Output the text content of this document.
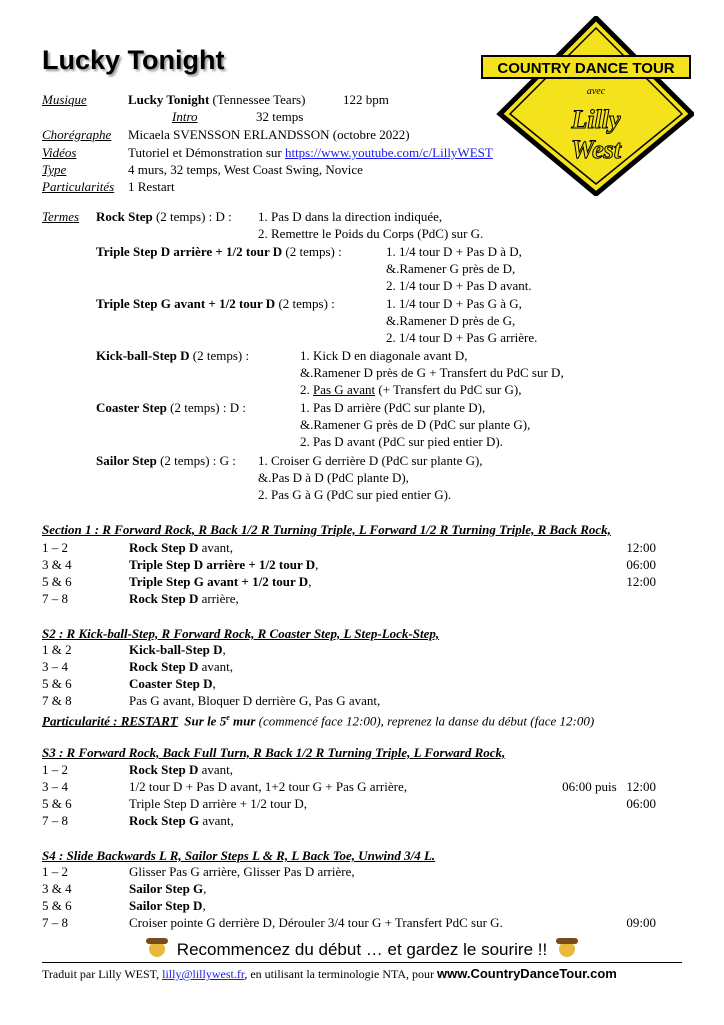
Lucky Tonight	COUNTRY DANCE TOUR
avec
Lilly
West
Musique	Lucky Tonight (Tennessee Tears)	122 bpm
Intro	32 temps
Chorégraphe Micaela SVENSSON ERLANDSSON (octobre 2022)
Vidéos	Tutoriel et Démonstration sur https://www.youtube.com/c/LillyWEST
Type	4 murs, 32 temps, West Coast Swing, Novice
Particularités 1 Restart
Termes Rock Step (2 temps) : D : 1. Pas D dans la direction indiquée,
2. Remettre le Poids du Corps (PdC) sur G.
Triple Step D arrière + 1/2 tour D (2 temps) :	1. 1/4 tour D + Pas D à D,
&.Ramener G près de D,
2. 1/4 tour D + Pas D avant.
Triple Step G avant + 1/2 tour D (2 temps) :	1. 1/4 tour D + Pas G à G,
&.Ramener D près de G,
2. 1/4 tour D + Pas G arrière.
Kick-ball-Step D (2 temps) :	1. Kick D en diagonale avant D,
&.Ramener D près de G + Transfert du PdC sur D,
2. Pas G avant (+ Transfert du PdC sur G),
Coaster Step (2 temps) : D :	1. Pas D arrière (PdC sur plante D),
&.Ramener G près de D (PdC sur plante G),
2. Pas D avant (PdC sur pied entier D).
Sailor Step (2 temps) : G : 1. Croiser G derrière D (PdC sur plante G),
&.Pas D à D (PdC plante D),
2. Pas G à G (PdC sur pied entier G).
Section 1 : R Forward Rock, R Back 1/2 R Turning Triple, L Forward 1/2 R Turning Triple, R Back Rock,
1 – 2	Rock Step D avant,	12:00
3 & 4	Triple Step D arrière + 1/2 tour D,	06:00
5 & 6	Triple Step G avant + 1/2 tour D,	12:00
7 – 8	Rock Step D arrière,
S2 : R Kick-ball-Step, R Forward Rock, R Coaster Step, L Step-Lock-Step,
1 & 2	Kick-ball-Step D,
3 – 4	Rock Step D avant,
5 & 6	Coaster Step D,
7 & 8	Pas G avant, Bloquer D derrière G, Pas G avant,
Particularité : RESTART Sur le 5e mur (commencé face 12:00), reprenez la danse du début (face 12:00)
S3 : R Forward Rock, Back Full Turn, R Back 1/2 R Turning Triple, L Forward Rock,
1 – 2	Rock Step D avant,
3 – 4	1/2 tour D + Pas D avant, 1+2 tour G + Pas G arrière,	06:00 puis   12:00
5 & 6	Triple Step D arrière + 1/2 tour D,	06:00
7 – 8	Rock Step G avant,
S4 : Slide Backwards L R, Sailor Steps L & R, L Back Toe, Unwind 3/4 L.
1 – 2	Glisser Pas G arrière, Glisser Pas D arrière,
3 & 4	Sailor Step G,
5 & 6	Sailor Step D,
7 – 8	Croiser pointe G derrière D, Dérouler 3/4 tour G + Transfert PdC sur G.	09:00
Recommencez du début … et gardez le sourire !!
Traduit par Lilly WEST, lilly@lillywest.fr, en utilisant la terminologie NTA, pour www.CountryDanceTour.com
